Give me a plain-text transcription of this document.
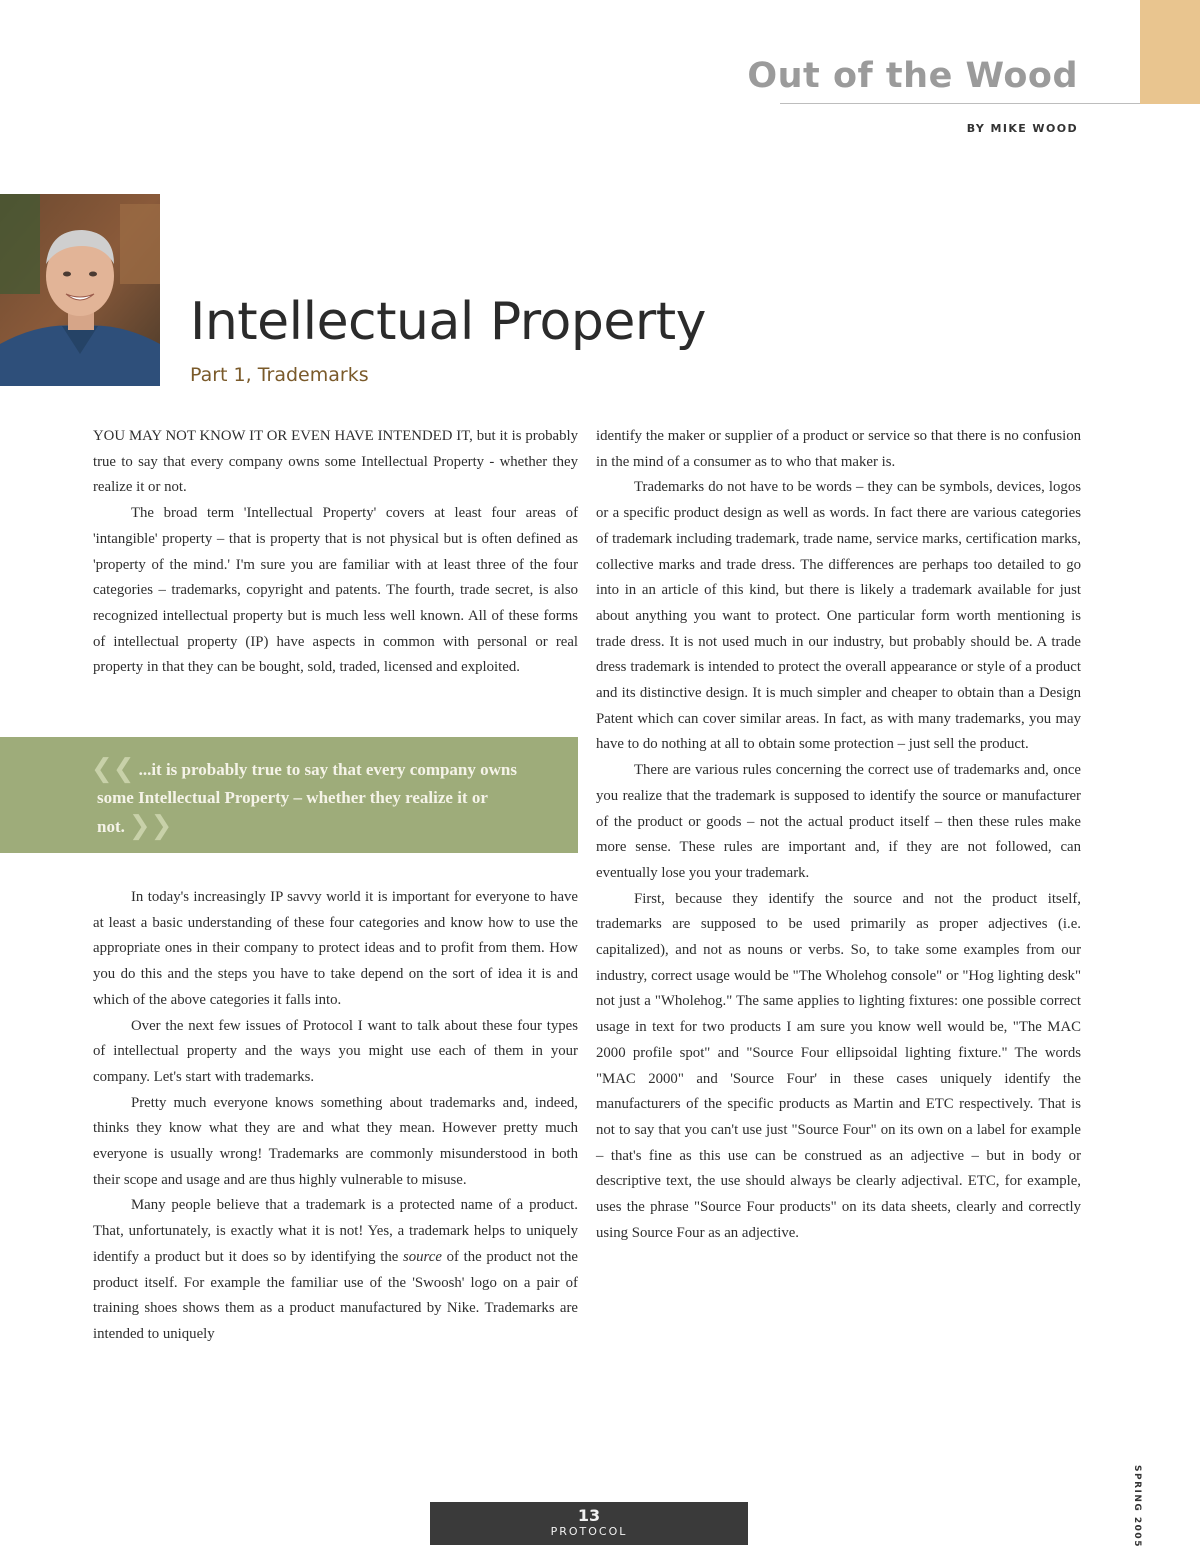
Out of the Wood
BY MIKE WOOD
Intellectual Property
Part 1, Trademarks

YOU MAY NOT KNOW IT OR EVEN HAVE INTENDED IT, but it is probably true to say that every company owns some Intellectual Property - whether they realize it or not.

The broad term 'Intellectual Property' covers at least four areas of 'intangible' property – that is property that is not physical but is often defined as 'property of the mind.' I'm sure you are familiar with at least three of the four categories – trademarks, copyright and patents. The fourth, trade secret, is also recognized intellectual property but is much less well known. All of these forms of intellectual property (IP) have aspects in common with personal or real property in that they can be bought, sold, traded, licensed and exploited.

❮❮ ...it is probably true to say that every company owns some Intellectual Property – whether they realize it or not. ❯❯

In today's increasingly IP savvy world it is important for everyone to have at least a basic understanding of these four categories and know how to use the appropriate ones in their company to protect ideas and to profit from them. How you do this and the steps you have to take depend on the sort of idea it is and which of the above categories it falls into.

Over the next few issues of Protocol I want to talk about these four types of intellectual property and the ways you might use each of them in your company. Let's start with trademarks.

Pretty much everyone knows something about trademarks and, indeed, thinks they know what they are and what they mean. However pretty much everyone is usually wrong! Trademarks are commonly misunderstood in both their scope and usage and are thus highly vulnerable to misuse.

Many people believe that a trademark is a protected name of a product. That, unfortunately, is exactly what it is not! Yes, a trademark helps to uniquely identify a product but it does so by identifying the source of the product not the product itself. For example the familiar use of the 'Swoosh' logo on a pair of training shoes shows them as a product manufactured by Nike. Trademarks are intended to uniquely

identify the maker or supplier of a product or service so that there is no confusion in the mind of a consumer as to who that maker is.

Trademarks do not have to be words – they can be symbols, devices, logos or a specific product design as well as words. In fact there are various categories of trademark including trademark, trade name, service marks, certification marks, collective marks and trade dress. The differences are perhaps too detailed to go into in an article of this kind, but there is likely a trademark available for just about anything you want to protect. One particular form worth mentioning is trade dress. It is not used much in our industry, but probably should be. A trade dress trademark is intended to protect the overall appearance or style of a product and its distinctive design. It is much simpler and cheaper to obtain than a Design Patent which can cover similar areas. In fact, as with many trademarks, you may have to do nothing at all to obtain some protection – just sell the product.

There are various rules concerning the correct use of trademarks and, once you realize that the trademark is supposed to identify the source or manufacturer of the product or goods – not the actual product itself – then these rules make more sense. These rules are important and, if they are not followed, can eventually lose you your trademark.

First, because they identify the source and not the product itself, trademarks are supposed to be used primarily as proper adjectives (i.e. capitalized), and not as nouns or verbs. So, to take some examples from our industry, correct usage would be "The Wholehog console" or "Hog lighting desk" not just a "Wholehog." The same applies to lighting fixtures: one possible correct usage in text for two products I am sure you know well would be, "The MAC 2000 profile spot" and "Source Four ellipsoidal lighting fixture." The words "MAC 2000" and 'Source Four' in these cases uniquely identify the manufacturers of the specific products as Martin and ETC respectively. That is not to say that you can't use just "Source Four" on its own on a label for example – that's fine as this use can be construed as an adjective – but in body or descriptive text, the use should always be clearly adjectival. ETC, for example, uses the phrase "Source Four products" on its data sheets, clearly and correctly using Source Four as an adjective.

SPRING 2005
13
PROTOCOL
